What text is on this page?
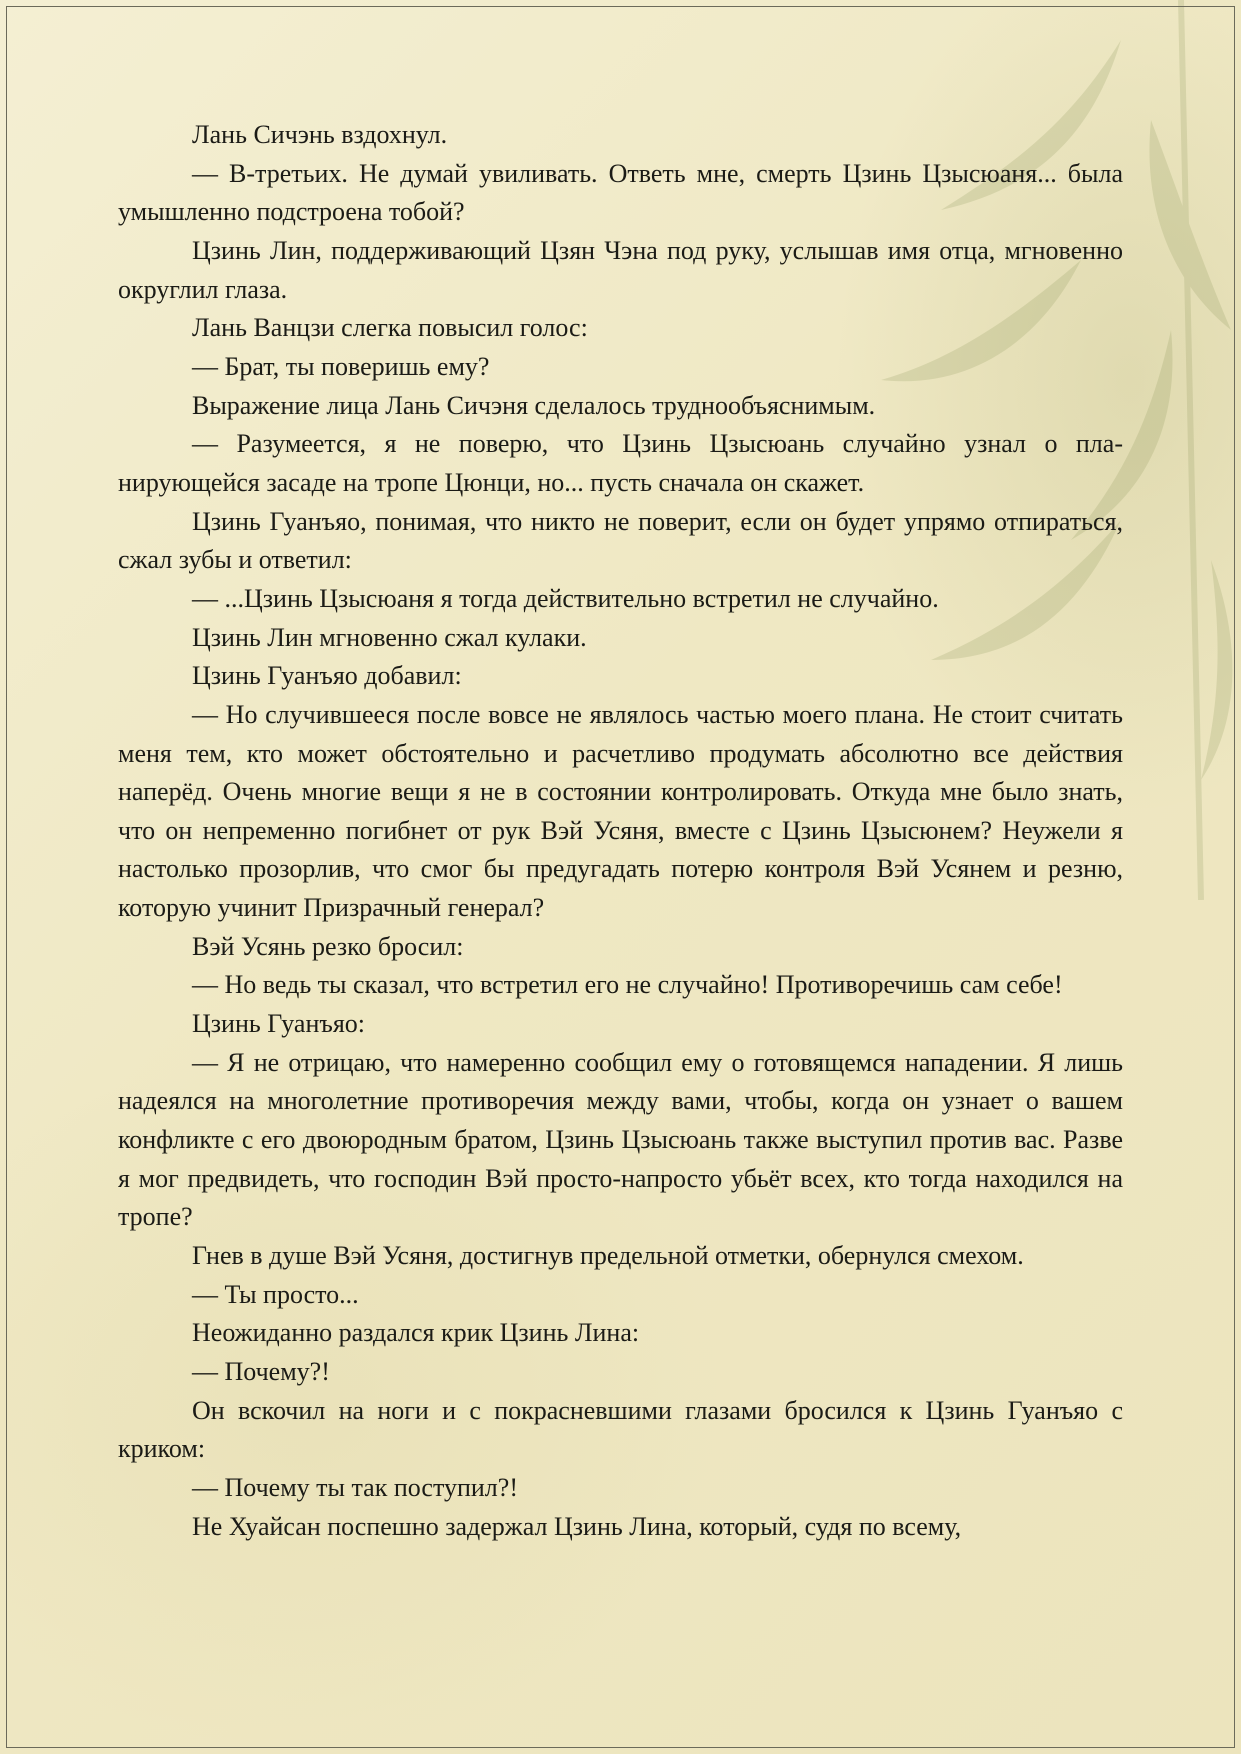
Лань Сичэнь вздохнул.

— В-третьих. Не думай увиливать. Ответь мне, смерть Цзинь Цзысюаня... была умышленно подстроена тобой?

Цзинь Лин, поддерживающий Цзян Чэна под руку, услышав имя отца, мгновенно округлил глаза.

Лань Ванцзи слегка повысил голос:

— Брат, ты поверишь ему?

Выражение лица Лань Сичэня сделалось труднообъяснимым.

— Разумеется, я не поверю, что Цзинь Цзысюань случайно узнал о планирующейся засаде на тропе Цюнци, но... пусть сначала он скажет.

Цзинь Гуанъяо, понимая, что никто не поверит, если он будет упрямо отпираться, сжал зубы и ответил:

— ...Цзинь Цзысюаня я тогда действительно встретил не случайно.

Цзинь Лин мгновенно сжал кулаки.

Цзинь Гуанъяо добавил:

— Но случившееся после вовсе не являлось частью моего плана. Не стоит считать меня тем, кто может обстоятельно и расчетливо продумать абсолютно все действия наперёд. Очень многие вещи я не в состоянии контролировать. Откуда мне было знать, что он непременно погибнет от рук Вэй Усяня, вместе с Цзинь Цзысюнем? Неужели я настолько прозорлив, что смог бы предугадать потерю контроля Вэй Усянем и резню, которую учинит Призрачный генерал?

Вэй Усянь резко бросил:

— Но ведь ты сказал, что встретил его не случайно! Противоречишь сам себе!

Цзинь Гуанъяо:

— Я не отрицаю, что намеренно сообщил ему о готовящемся нападении. Я лишь надеялся на многолетние противоречия между вами, чтобы, когда он узнает о вашем конфликте с его двоюродным братом, Цзинь Цзысюань также выступил против вас. Разве я мог предвидеть, что господин Вэй просто-напросто убьёт всех, кто тогда находился на тропе?

Гнев в душе Вэй Усяня, достигнув предельной отметки, обернулся смехом.

— Ты просто...

Неожиданно раздался крик Цзинь Лина:

— Почему?!

Он вскочил на ноги и с покрасневшими глазами бросился к Цзинь Гуанъяо с криком:

— Почему ты так поступил?!

Не Хуайсан поспешно задержал Цзинь Лина, который, судя по всему,
